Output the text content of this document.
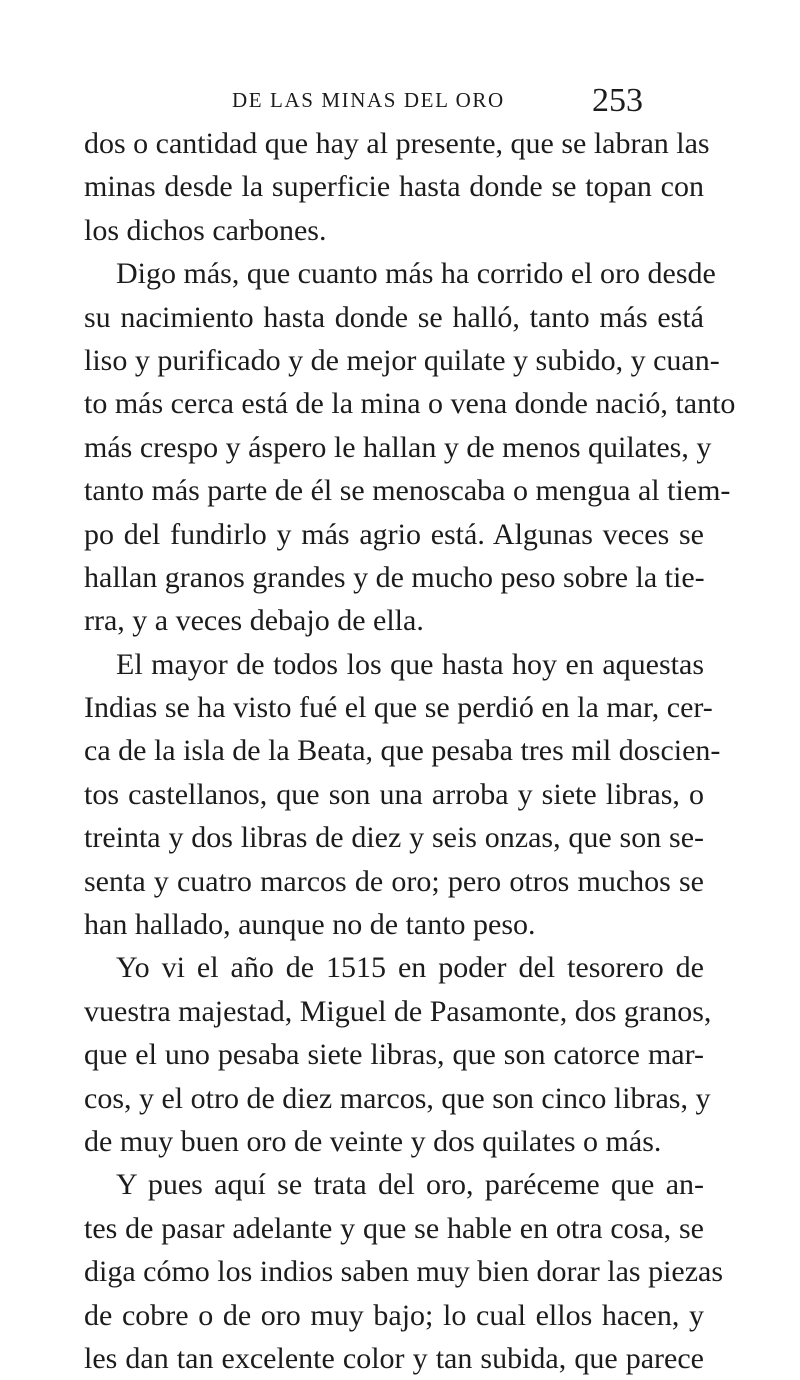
DE LAS MINAS DEL ORO	253
dos o cantidad que hay al presente, que se labran las
minas desde la superficie hasta donde se topan con
los dichos carbones.
Digo más, que cuanto más ha corrido el oro desde
su nacimiento hasta donde se halló, tanto más está
liso y purificado y de mejor quilate y subido, y cuan-
to más cerca está de la mina o vena donde nació, tanto
más crespo y áspero le hallan y de menos quilates, y
tanto más parte de él se menoscaba o mengua al tiem-
po del fundirlo y más agrio está. Algunas veces se
hallan granos grandes y de mucho peso sobre la tie-
rra, y a veces debajo de ella.
El mayor de todos los que hasta hoy en aquestas
Indias se ha visto fué el que se perdió en la mar, cer-
ca de la isla de la Beata, que pesaba tres mil doscien-
tos castellanos, que son una arroba y siete libras, o
treinta y dos libras de diez y seis onzas, que son se-
senta y cuatro marcos de oro; pero otros muchos se
han hallado, aunque no de tanto peso.
Yo vi el año de 1515 en poder del tesorero de
vuestra majestad, Miguel de Pasamonte, dos granos,
que el uno pesaba siete libras, que son catorce mar-
cos, y el otro de diez marcos, que son cinco libras, y
de muy buen oro de veinte y dos quilates o más.
Y pues aquí se trata del oro, paréceme que an-
tes de pasar adelante y que se hable en otra cosa, se
diga cómo los indios saben muy bien dorar las piezas
de cobre o de oro muy bajo; lo cual ellos hacen, y
les dan tan excelente color y tan subida, que parece
